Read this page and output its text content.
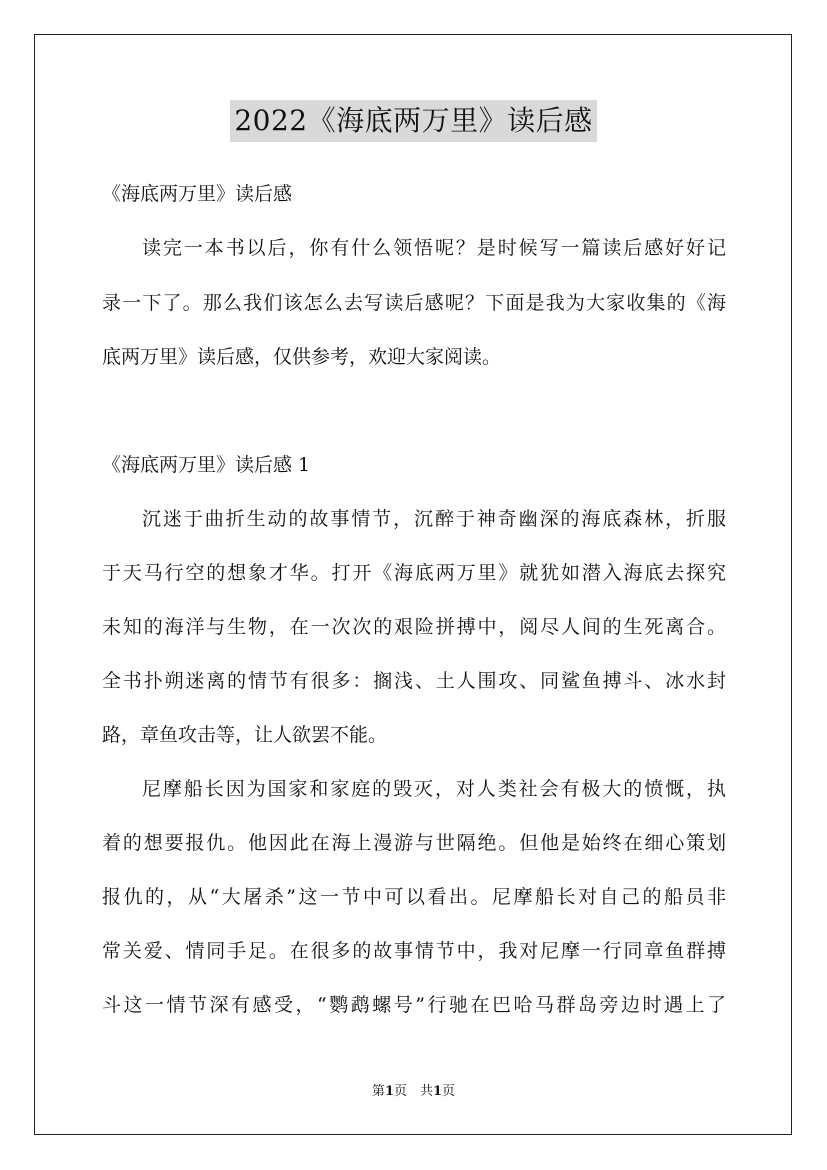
2022《海底两万里》读后感
《海底两万里》读后感
读完一本书以后，你有什么领悟呢？是时候写一篇读后感好好记
录一下了。那么我们该怎么去写读后感呢？下面是我为大家收集的《海
底两万里》读后感，仅供参考，欢迎大家阅读。
《海底两万里》读后感 1
沉迷于曲折生动的故事情节，沉醉于神奇幽深的海底森林，折服
于天马行空的想象才华。打开《海底两万里》就犹如潜入海底去探究
未知的海洋与生物，在一次次的艰险拼搏中，阅尽人间的生死离合。
全书扑朔迷离的情节有很多：搁浅、土人围攻、同鲨鱼搏斗、冰水封
路，章鱼攻击等，让人欲罢不能。
尼摩船长因为国家和家庭的毁灭，对人类社会有极大的愤慨，执
着的想要报仇。他因此在海上漫游与世隔绝。但他是始终在细心策划
报仇的，从“大屠杀”这一节中可以看出。尼摩船长对自己的船员非
常关爱、情同手足。在很多的故事情节中，我对尼摩一行同章鱼群搏
斗这一情节深有感受，“鹦鹉螺号”行驰在巴哈马群岛旁边时遇上了
第1页　共1页
